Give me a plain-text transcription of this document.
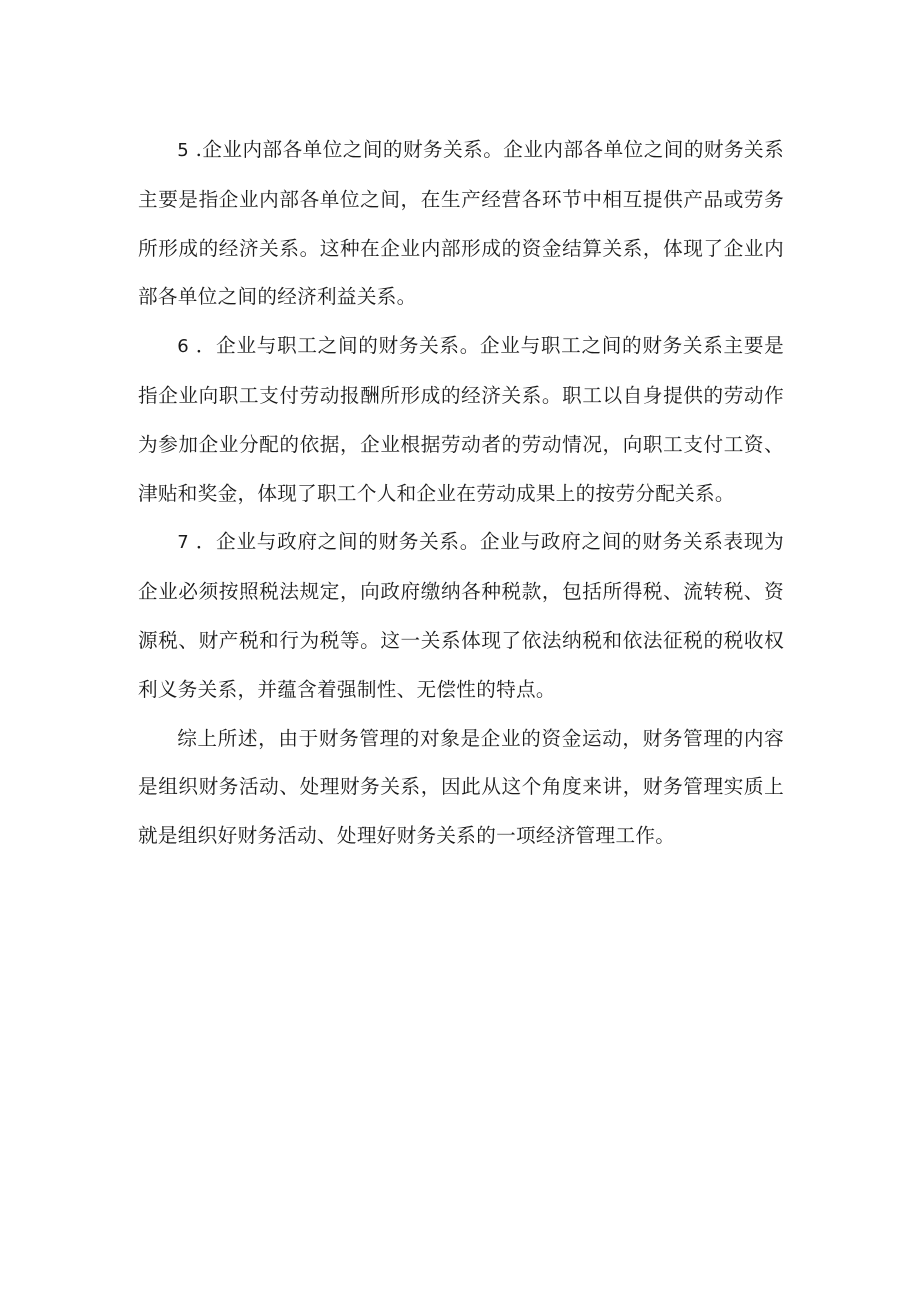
5 .企业内部各单位之间的财务关系。企业内部各单位之间的财务关系主要是指企业内部各单位之间，在生产经营各环节中相互提供产品或劳务所形成的经济关系。这种在企业内部形成的资金结算关系，体现了企业内部各单位之间的经济利益关系。

6 ．企业与职工之间的财务关系。企业与职工之间的财务关系主要是指企业向职工支付劳动报酬所形成的经济关系。职工以自身提供的劳动作为参加企业分配的依据，企业根据劳动者的劳动情况，向职工支付工资、津贴和奖金，体现了职工个人和企业在劳动成果上的按劳分配关系。

7 ．企业与政府之间的财务关系。企业与政府之间的财务关系表现为企业必须按照税法规定，向政府缴纳各种税款，包括所得税、流转税、资源税、财产税和行为税等。这一关系体现了依法纳税和依法征税的税收权利义务关系，并蕴含着强制性、无偿性的特点。

综上所述，由于财务管理的对象是企业的资金运动，财务管理的内容是组织财务活动、处理财务关系，因此从这个角度来讲，财务管理实质上就是组织好财务活动、处理好财务关系的一项经济管理工作。
